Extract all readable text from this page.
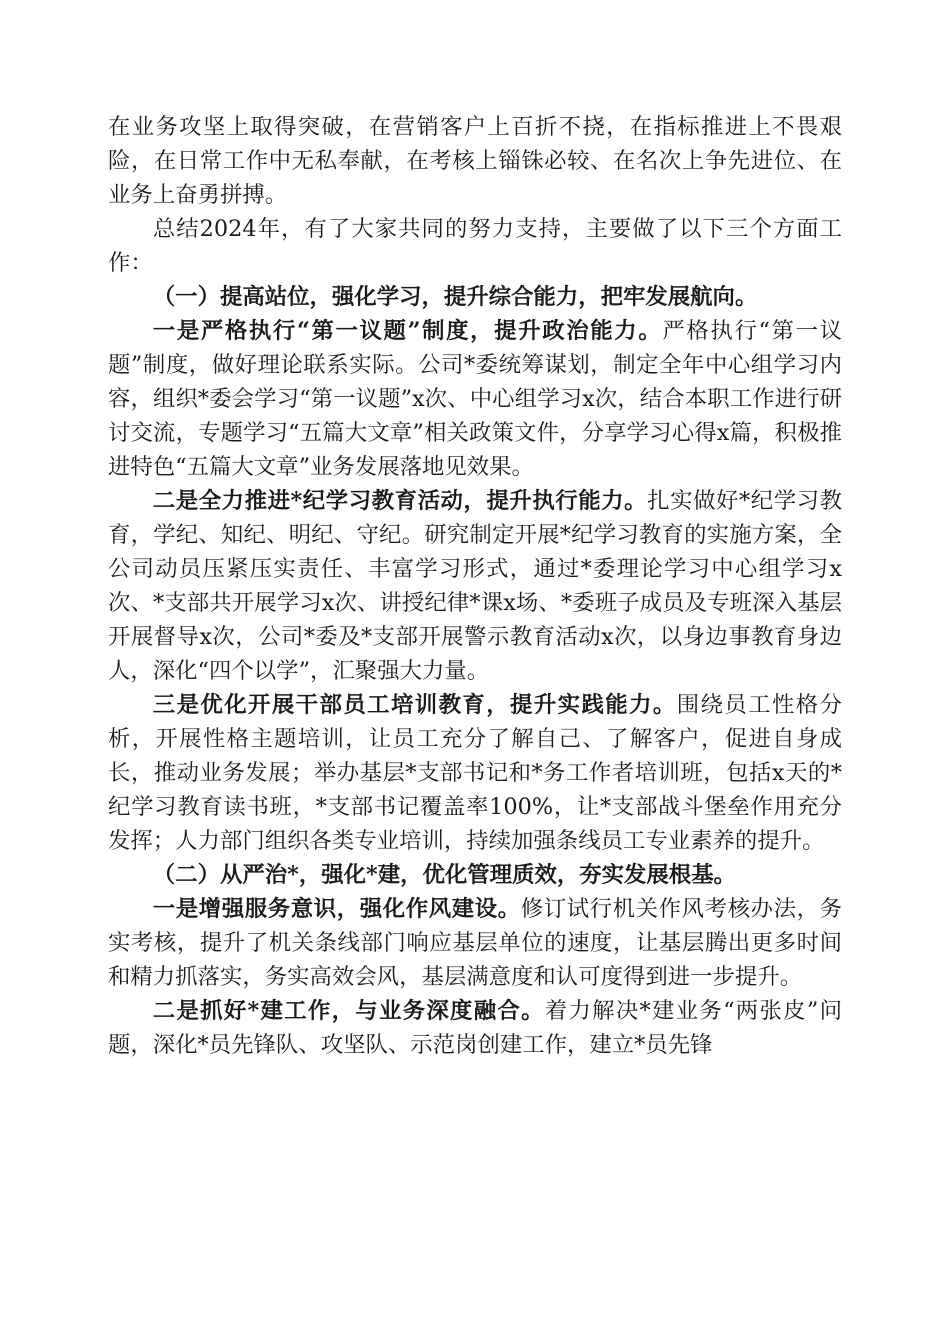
在业务攻坚上取得突破，在营销客户上百折不挠，在指标推进上不畏艰险，在日常工作中无私奉献，在考核上锱铢必较、在名次上争先进位、在业务上奋勇拼搏。

总结2024年，有了大家共同的努力支持，主要做了以下三个方面工作：

（一）提高站位，强化学习，提升综合能力，把牢发展航向。

一是严格执行“第一议题”制度，提升政治能力。严格执行“第一议题”制度，做好理论联系实际。公司*委统筹谋划，制定全年中心组学习内容，组织*委会学习“第一议题”x次、中心组学习x次，结合本职工作进行研讨交流，专题学习“五篇大文章”相关政策文件，分享学习心得x篇，积极推进特色“五篇大文章”业务发展落地见效果。

二是全力推进*纪学习教育活动，提升执行能力。扎实做好*纪学习教育，学纪、知纪、明纪、守纪。研究制定开展*纪学习教育的实施方案，全公司动员压紧压实责任、丰富学习形式，通过*委理论学习中心组学习x次、*支部共开展学习x次、讲授纪律*课x场、*委班子成员及专班深入基层开展督导x次，公司*委及*支部开展警示教育活动x次，以身边事教育身边人，深化“四个以学”，汇聚强大力量。

三是优化开展干部员工培训教育，提升实践能力。围绕员工性格分析，开展性格主题培训，让员工充分了解自己、了解客户，促进自身成长，推动业务发展；举办基层*支部书记和*务工作者培训班，包括x天的*纪学习教育读书班，*支部书记覆盖率100%，让*支部战斗堡垒作用充分发挥；人力部门组织各类专业培训，持续加强条线员工专业素养的提升。

（二）从严治*，强化*建，优化管理质效，夯实发展根基。

一是增强服务意识，强化作风建设。修订试行机关作风考核办法，务实考核，提升了机关条线部门响应基层单位的速度，让基层腾出更多时间和精力抓落实，务实高效会风，基层满意度和认可度得到进一步提升。

二是抓好*建工作，与业务深度融合。着力解决*建业务“两张皮”问题，深化*员先锋队、攻坚队、示范岗创建工作，建立*员先锋
